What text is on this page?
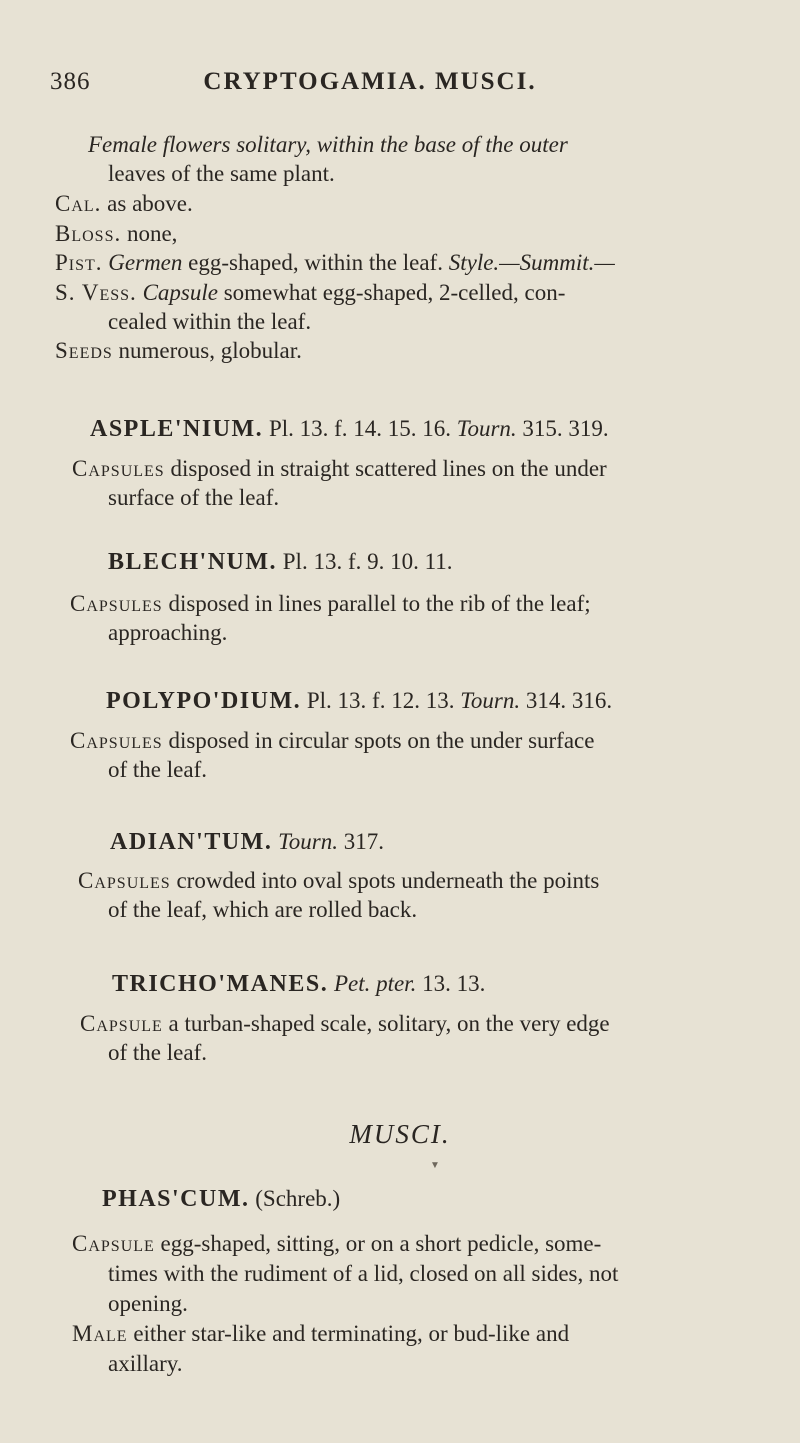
386	CRYPTOGAMIA. MUSCI.
Female flowers solitary, within the base of the outer
leaves of the same plant.
Cal. as above.
Bloss. none,
Pist. Germen egg-shaped, within the leaf. Style.—Summit.—
S. Vess. Capsule somewhat egg-shaped, 2-celled, con-
cealed within the leaf.
Seeds numerous, globular.
ASPLE'NIUM. Pl. 13. f. 14. 15. 16. Tourn. 315. 319.
Capsules disposed in straight scattered lines on the under
surface of the leaf.
BLECH'NUM. Pl. 13. f. 9. 10. 11.
Capsules disposed in lines parallel to the rib of the leaf;
approaching.
POLYPO'DIUM. Pl. 13. f. 12. 13. Tourn. 314. 316.
Capsules disposed in circular spots on the under surface
of the leaf.
ADIAN'TUM. Tourn. 317.
Capsules crowded into oval spots underneath the points
of the leaf, which are rolled back.
TRICHO'MANES. Pet. pter. 13. 13.
Capsule a turban-shaped scale, solitary, on the very edge
of the leaf.
MUSCI.
▼
PHAS'CUM. (Schreb.)
Capsule egg-shaped, sitting, or on a short pedicle, some-
times with the rudiment of a lid, closed on all sides, not
opening.
Male either star-like and terminating, or bud-like and
axillary.
